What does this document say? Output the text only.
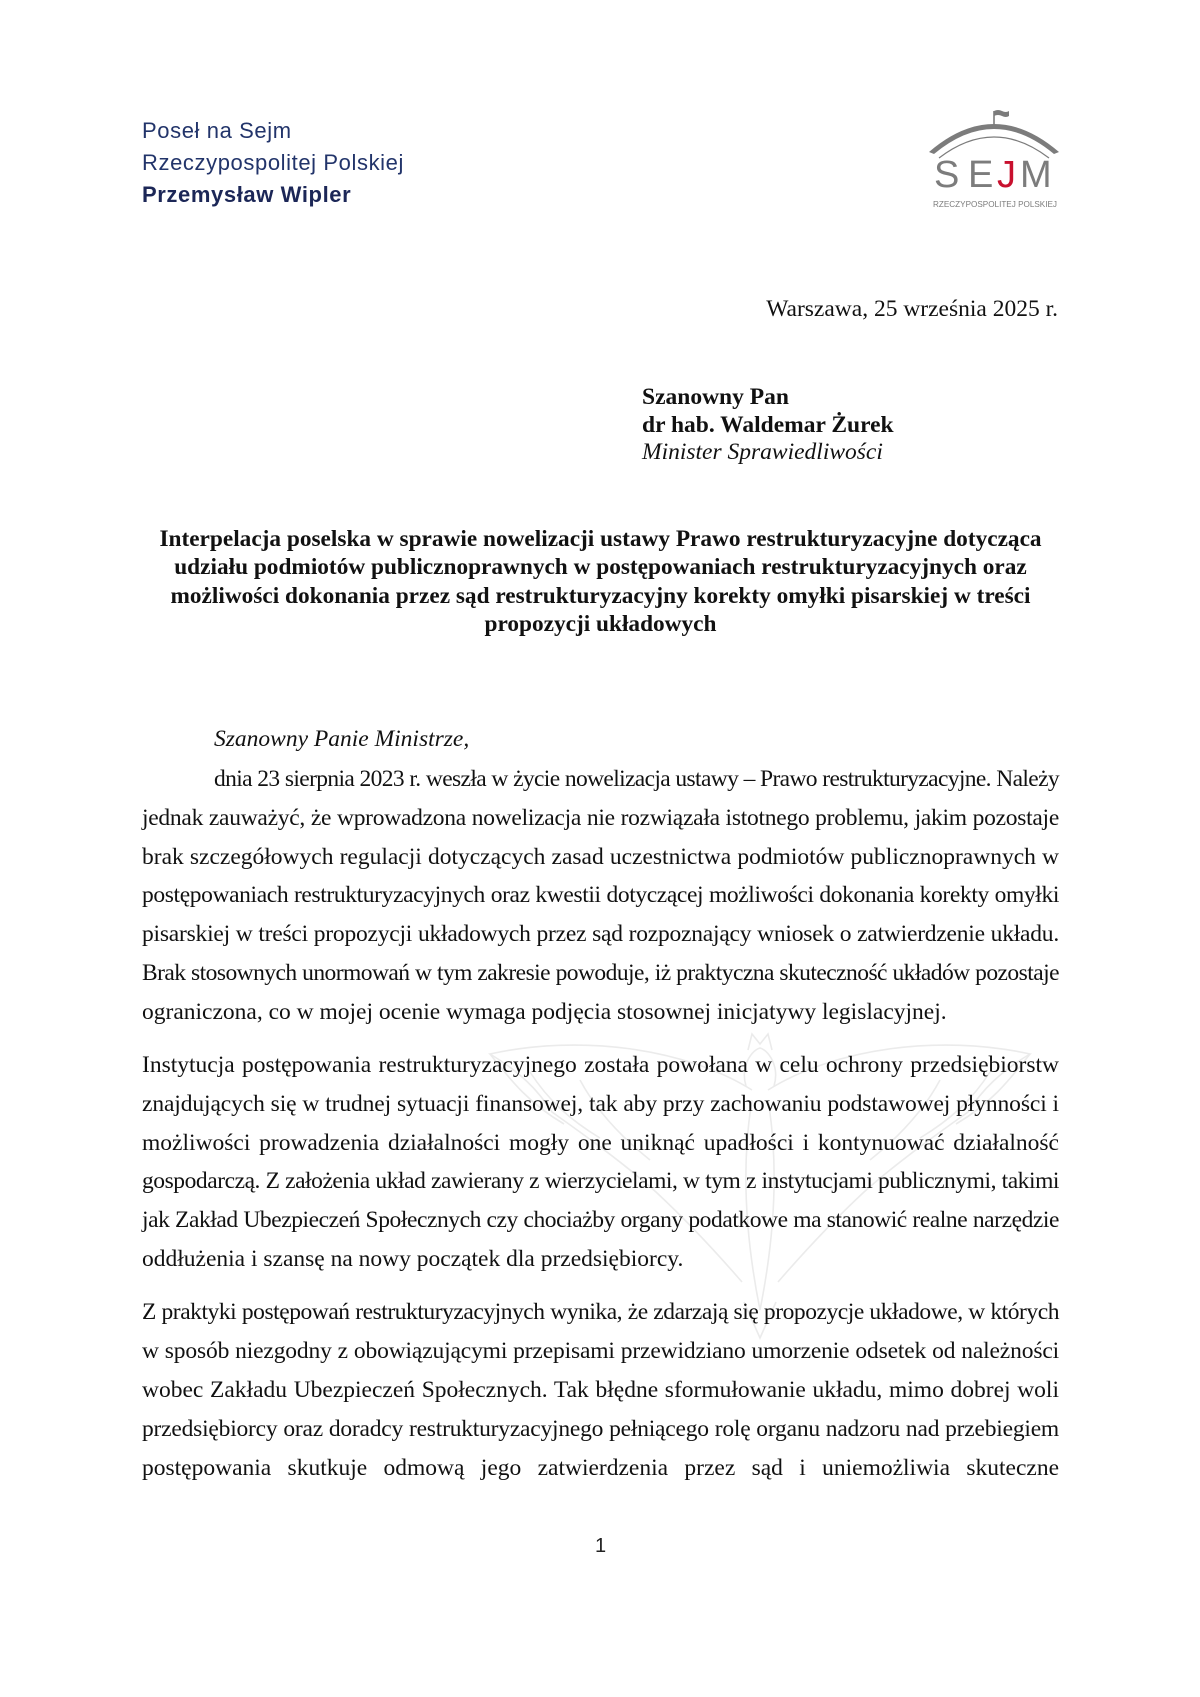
Poseł na Sejm
Rzeczypospolitej Polskiej
Przemysław Wipler	S E J M
RZECZYPOSPOLITEJ POLSKIEJ
Warszawa, 25 września 2025 r.
Szanowny Pan
dr hab. Waldemar Żurek
Minister Sprawiedliwości
Interpelacja poselska w sprawie nowelizacji ustawy Prawo restrukturyzacyjne dotycząca
udziału podmiotów publicznoprawnych w postępowaniach restrukturyzacyjnych oraz
możliwości dokonania przez sąd restrukturyzacyjny korekty omyłki pisarskiej w treści
propozycji układowych
Szanowny Panie Ministrze,
dnia 23 sierpnia 2023 r. weszła w życie nowelizacja ustawy – Prawo restrukturyzacyjne. Należy
jednak zauważyć, że wprowadzona nowelizacja nie rozwiązała istotnego problemu, jakim pozostaje
brak szczegółowych regulacji dotyczących zasad uczestnictwa podmiotów publicznoprawnych w
postępowaniach restrukturyzacyjnych oraz kwestii dotyczącej możliwości dokonania korekty omyłki
pisarskiej w treści propozycji układowych przez sąd rozpoznający wniosek o zatwierdzenie układu.
Brak stosownych unormowań w tym zakresie powoduje, iż praktyczna skuteczność układów pozostaje
ograniczona, co w mojej ocenie wymaga podjęcia stosownej inicjatywy legislacyjnej.
Instytucja postępowania restrukturyzacyjnego została powołana w celu ochrony przedsiębiorstw
znajdujących się w trudnej sytuacji finansowej, tak aby przy zachowaniu podstawowej płynności i
możliwości prowadzenia działalności mogły one uniknąć upadłości i kontynuować działalność
gospodarczą. Z założenia układ zawierany z wierzycielami, w tym z instytucjami publicznymi, takimi
jak Zakład Ubezpieczeń Społecznych czy chociażby organy podatkowe ma stanowić realne narzędzie
oddłużenia i szansę na nowy początek dla przedsiębiorcy.
Z praktyki postępowań restrukturyzacyjnych wynika, że zdarzają się propozycje układowe, w których
w sposób niezgodny z obowiązującymi przepisami przewidziano umorzenie odsetek od należności
wobec Zakładu Ubezpieczeń Społecznych. Tak błędne sformułowanie układu, mimo dobrej woli
przedsiębiorcy oraz doradcy restrukturyzacyjnego pełniącego rolę organu nadzoru nad przebiegiem
postępowania skutkuje odmową jego zatwierdzenia przez sąd i uniemożliwia skuteczne
1
